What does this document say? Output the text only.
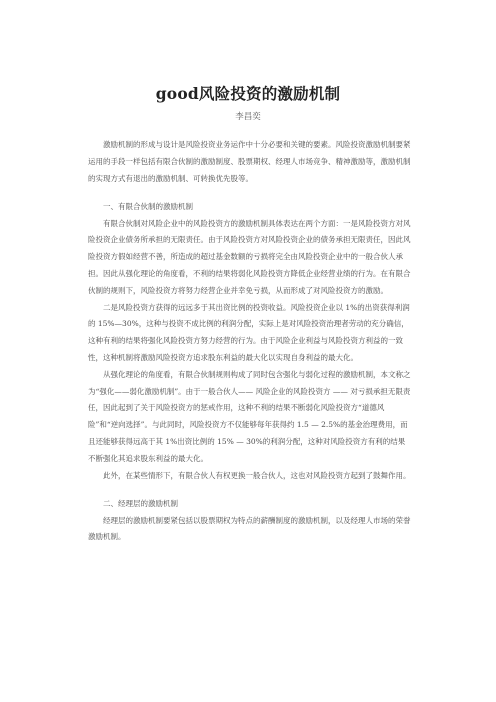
good风险投资的激励机制
李昌奕

激励机制的形成与设计是风险投资业务运作中十分必要和关键的要素。风险投资激励机制要紧运用的手段一样包括有限合伙制的激励制度、股票期权、经理人市场竞争、精神激励等，激励机制的实现方式有退出的激励机制、可转换优先股等。

一、有限合伙制的激励机制

有限合伙制对风险企业中的风险投资方的激励机制具体表达在两个方面：一是风险投资方对风险投资企业债务所承担的无限责任。由于风险投资方对风险投资企业的债务承担无限责任，因此风险投资方假如经营不善，所造成的超过基金数额的亏损将完全由风险投资企业中的一般合伙人承担。因此从强化理论的角度看，不利的结果将弱化风险投资方降低企业经营业绩的行为。在有限合伙制的规则下，风险投资方将努力经营企业并幸免亏损，从而形成了对风险投资方的激励。

二是风险投资方获得的远远多于其出资比例的投资收益。风险投资企业以 1%的出资获得利润的 15%—30%，这种与投资不成比例的利润分配，实际上是对风险投资治理者劳动的充分确信，这种有利的结果将强化风险投资方努力经营的行为。由于风险企业利益与风险投资方利益的一致性，这种机制将激励风险投资方追求股东利益的最大化以实现自身利益的最大化。

从强化理论的角度看，有限合伙制规则构成了同时包含强化与弱化过程的激励机制，本文称之为“强化——弱化激励机制”。由于一般合伙人—— 风险企业的风险投资方 —— 对亏损承担无限责任，因此起到了关于风险投资方的惩戒作用，这种不利的结果不断弱化风险投资方“道德风险”和“逆向选择”。与此同时，风险投资方不仅能够每年获得约 1.5 — 2.5%的基金治理费用，而且还能够获得远高于其 1%出资比例的 15% — 30%的利润分配，这种对风险投资方有利的结果不断强化其追求股东利益的最大化。

此外，在某些情形下，有限合伙人有权更换一般合伙人，这也对风险投资方起到了鼓舞作用。

二、经理层的激励机制

经理层的激励机制要紧包括以股票期权为特点的薪酬制度的激励机制，以及经理人市场的荣誉激励机制。
